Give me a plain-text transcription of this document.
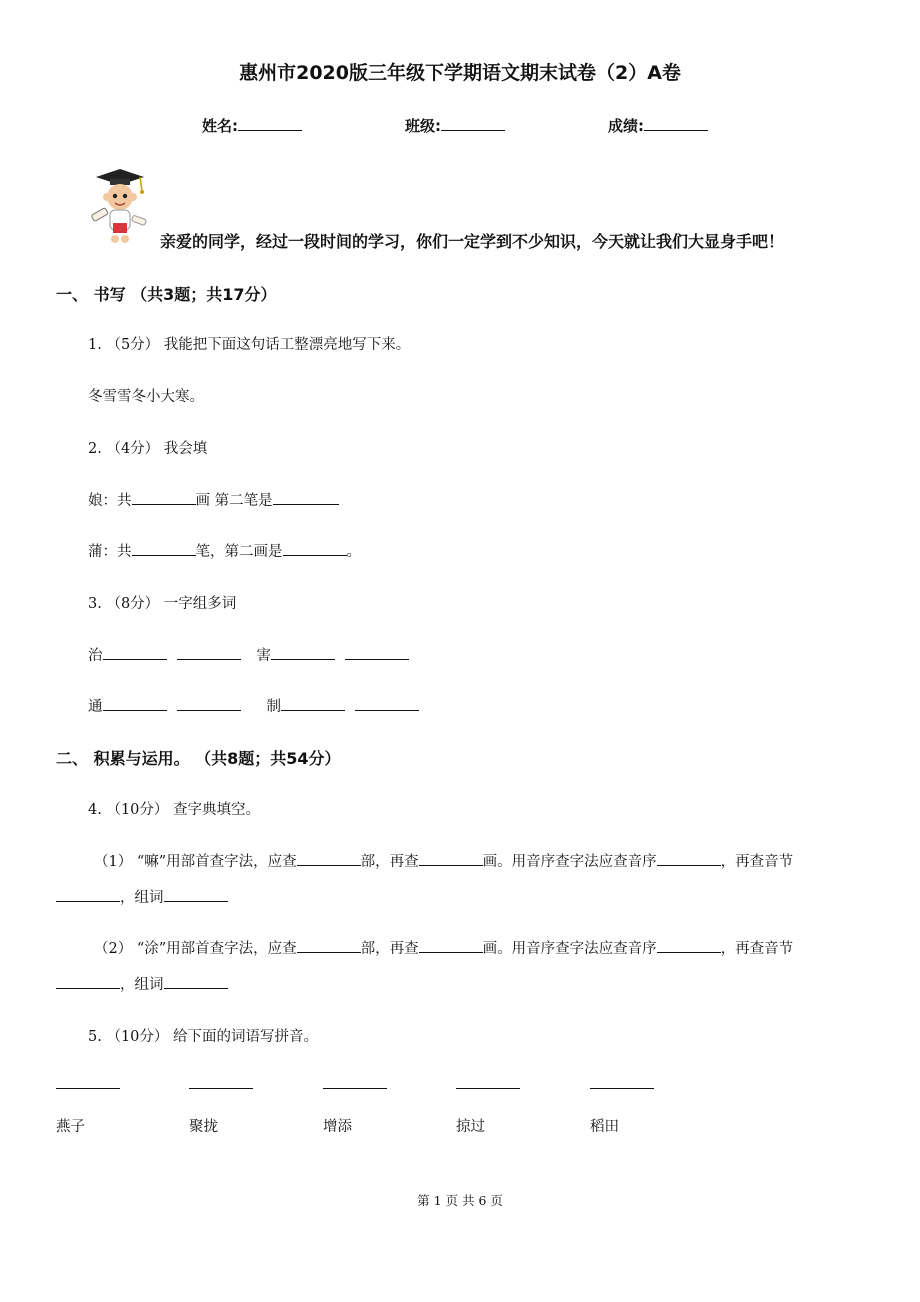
惠州市2020版三年级下学期语文期末试卷（2）A卷
姓名:	班级:	成绩:
亲爱的同学，经过一段时间的学习，你们一定学到不少知识，今天就让我们大显身手吧！
一、 书写 （共3题；共17分）
1. （5分） 我能把下面这句话工整漂亮地写下来。
冬雪雪冬小大寒。
2. （4分） 我会填
娘：共	画 第二笔是
蒲：共	笔，第二画是	。
3. （8分） 一字组多词
治	害
通	制
二、 积累与运用。 （共8题；共54分）
4. （10分） 查字典填空。
（1） “嘛”用部首查字法，应查	部，再查	画。用音序查字法应查音序	，再查音节
，组词
（2） “涂”用部首查字法，应查	部，再查	画。用音序查字法应查音序	，再查音节
，组词
5. （10分） 给下面的词语写拼音。
燕子	聚拢	增添	掠过	稻田
第 1 页 共 6 页
